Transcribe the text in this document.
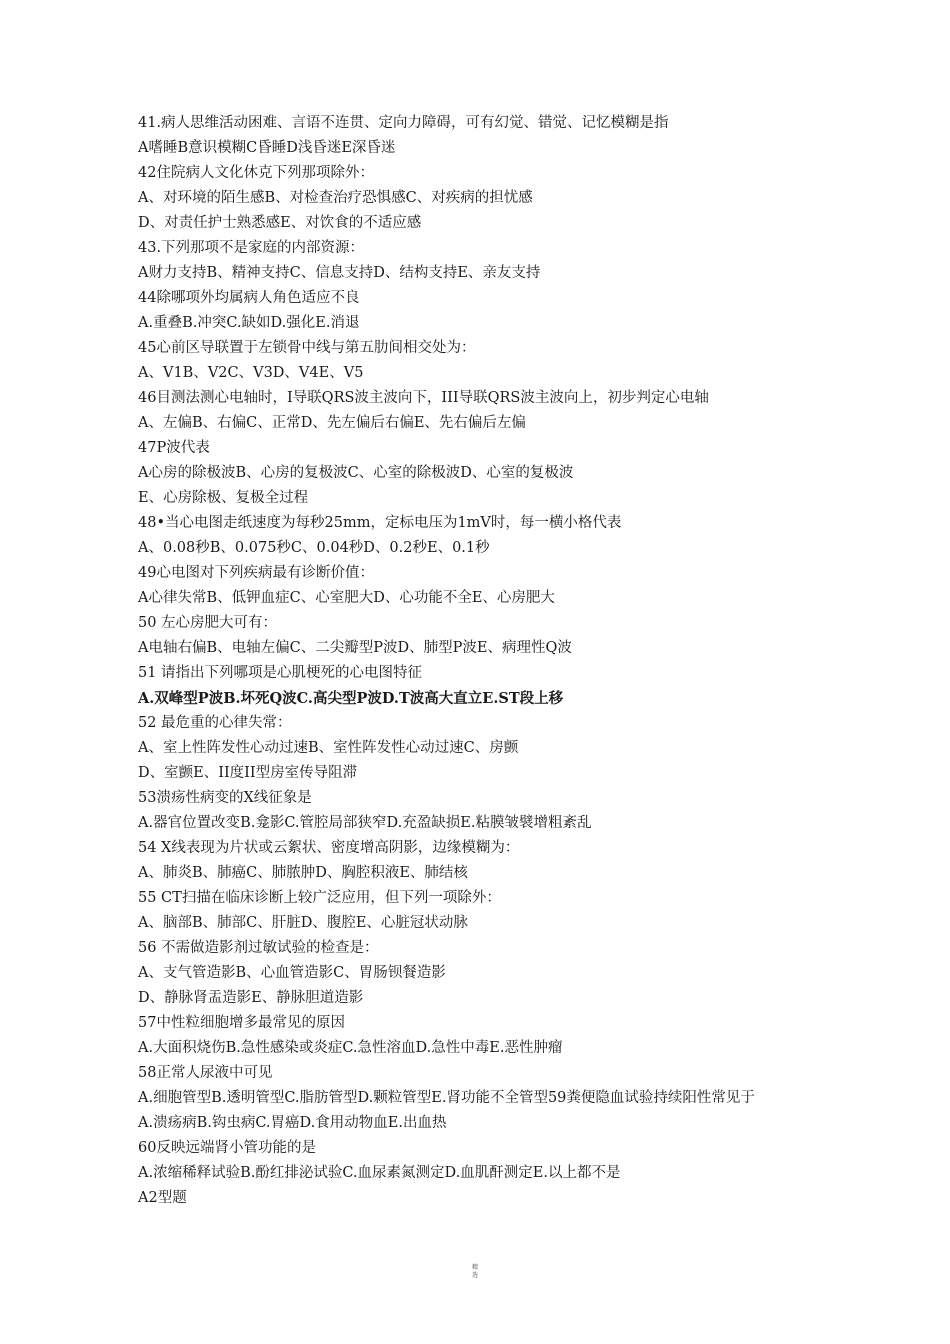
41.病人思维活动困难、言语不连贯、定向力障碍，可有幻觉、错觉、记忆模糊是指
A嗜睡B意识模糊C昏睡D浅昏迷E深昏迷
42住院病人文化休克下列那项除外：
A、对环境的陌生感B、对检查治疗恐惧感C、对疾病的担忧感
D、对责任护士熟悉感E、对饮食的不适应感
43.下列那项不是家庭的内部资源：
A财力支持B、精神支持C、信息支持D、结构支持E、亲友支持
44除哪项外均属病人角色适应不良
A.重叠B.冲突C.缺如D.强化E.消退
45心前区导联置于左锁骨中线与第五肋间相交处为：
A、V1B、V2C、V3D、V4E、V5
46目测法测心电轴时，I导联QRS波主波向下，III导联QRS波主波向上，初步判定心电轴
A、左偏B、右偏C、正常D、先左偏后右偏E、先右偏后左偏
47P波代表
A心房的除极波B、心房的复极波C、心室的除极波D、心室的复极波
E、心房除极、复极全过程
48•当心电图走纸速度为每秒25mm，定标电压为1mV时，每一横小格代表
A、0.08秒B、0.075秒C、0.04秒D、0.2秒E、0.1秒
49心电图对下列疾病最有诊断价值：
A心律失常B、低钾血症C、心室肥大D、心功能不全E、心房肥大
50 左心房肥大可有：
A电轴右偏B、电轴左偏C、二尖瓣型P波D、肺型P波E、病理性Q波
51 请指出下列哪项是心肌梗死的心电图特征
A.双峰型P波B.坏死Q波C.高尖型P波D.T波高大直立E.ST段上移
52 最危重的心律失常：
A、室上性阵发性心动过速B、室性阵发性心动过速C、房颤
D、室颤E、II度II型房室传导阻滞
53溃疡性病变的X线征象是
A.器官位置改变B.龛影C.管腔局部狭窄D.充盈缺损E.粘膜皱襞增粗紊乱
54 X线表现为片状或云絮状、密度增高阴影，边缘模糊为：
A、肺炎B、肺癌C、肺脓肿D、胸腔积液E、肺结核
55 CT扫描在临床诊断上较广泛应用，但下列一项除外：
A、脑部B、肺部C、肝脏D、腹腔E、心脏冠状动脉
56 不需做造影剂过敏试验的检查是：
A、支气管造影B、心血管造影C、胃肠钡餐造影
D、静脉肾盂造影E、静脉胆道造影
57中性粒细胞增多最常见的原因
A.大面积烧伤B.急性感染或炎症C.急性溶血D.急性中毒E.恶性肿瘤
58正常人尿液中可见
A.细胞管型B.透明管型C.脂肪管型D.颗粒管型E.肾功能不全管型59粪便隐血试验持续阳性常见于
A.溃疡病B.钩虫病C.胃癌D.食用动物血E.出血热
60反映远端肾小管功能的是
A.浓缩稀释试验B.酚红排泌试验C.血尿素氮测定D.血肌酐测定E.以上都不是
A2型题
精
选
